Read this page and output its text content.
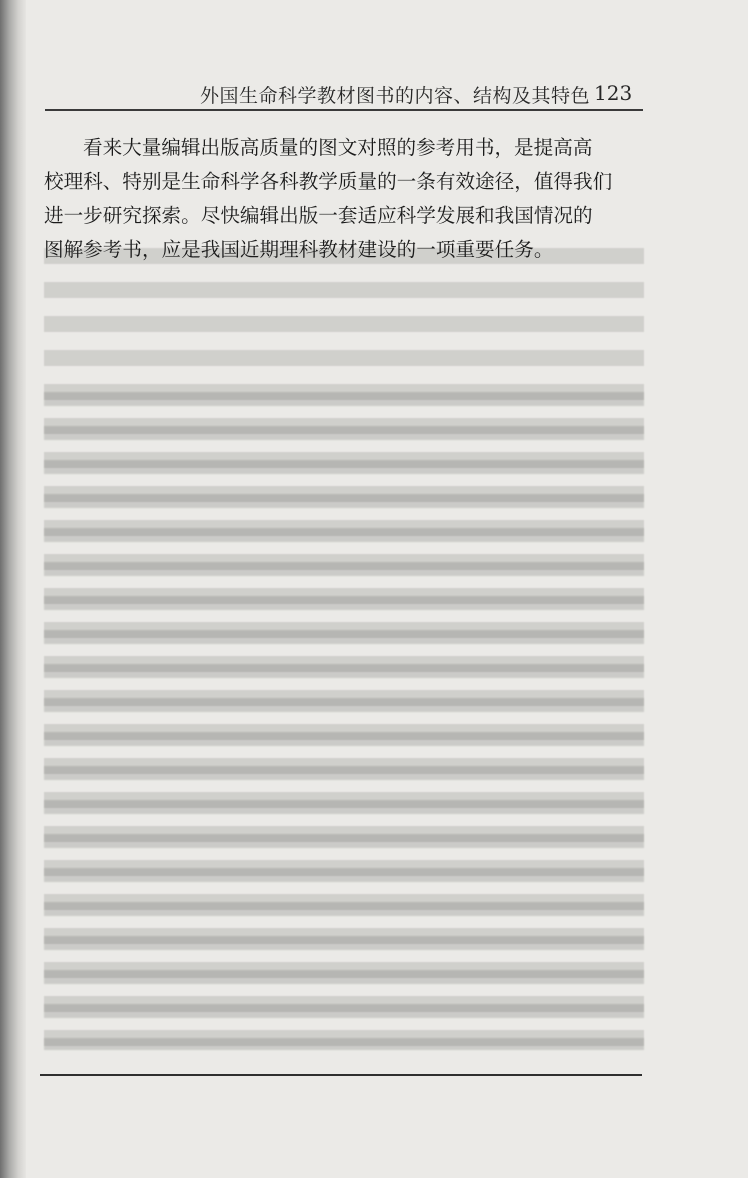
外国生命科学教材图书的内容、结构及其特色 123

看来大量编辑出版高质量的图文对照的参考用书，是提高高
校理科、特别是生命科学各科教学质量的一条有效途径，值得我们
进一步研究探索。尽快编辑出版一套适应科学发展和我国情况的
图解参考书，应是我国近期理科教材建设的一项重要任务。
